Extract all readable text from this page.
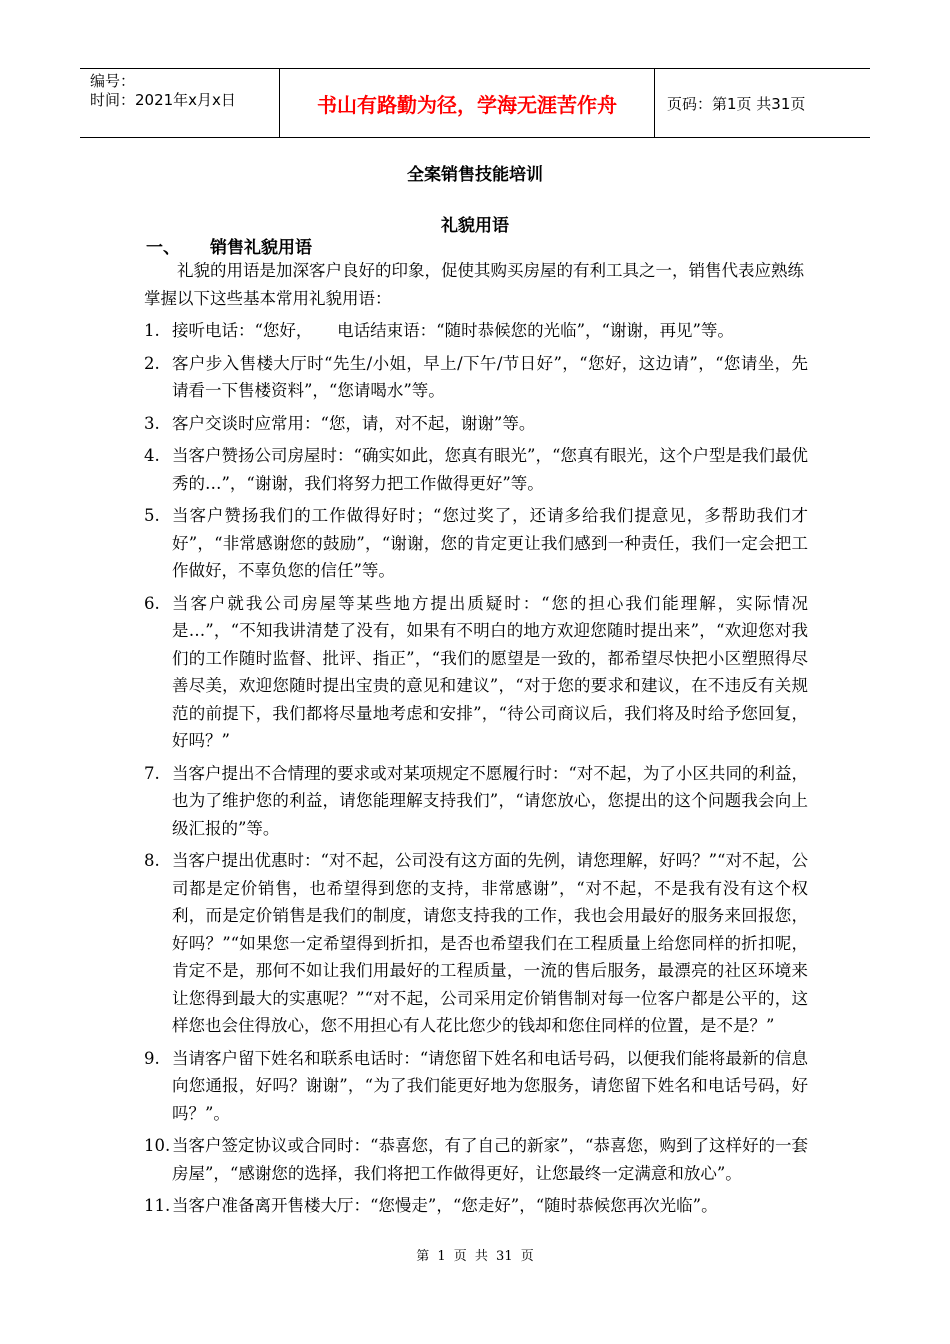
编号：
时间：2021年x月x日	书山有路勤为径，学海无涯苦作舟	页码：第1页 共31页
全案销售技能培训
礼貌用语
一、 销售礼貌用语

礼貌的用语是加深客户良好的印象，促使其购买房屋的有利工具之一，销售代表应熟练掌握以下这些基本常用礼貌用语：

1. 接听电话：“您好，　　电话结束语：“随时恭候您的光临”，“谢谢，再见”等。
2. 客户步入售楼大厅时“先生/小姐，早上/下午/节日好”，“您好，这边请”，“您请坐，先请看一下售楼资料”，“您请喝水”等。
3. 客户交谈时应常用：“您，请，对不起，谢谢”等。
4. 当客户赞扬公司房屋时：“确实如此，您真有眼光”，“您真有眼光，这个户型是我们最优秀的…”，“谢谢，我们将努力把工作做得更好”等。
5. 当客户赞扬我们的工作做得好时；“您过奖了，还请多给我们提意见，多帮助我们才好”，“非常感谢您的鼓励”，“谢谢，您的肯定更让我们感到一种责任，我们一定会把工作做好，不辜负您的信任”等。
6. 当客户就我公司房屋等某些地方提出质疑时：“您的担心我们能理解，实际情况是…”，“不知我讲清楚了没有，如果有不明白的地方欢迎您随时提出来”，“欢迎您对我们的工作随时监督、批评、指正”，“我们的愿望是一致的，都希望尽快把小区塑照得尽善尽美，欢迎您随时提出宝贵的意见和建议”，“对于您的要求和建议，在不违反有关规范的前提下，我们都将尽量地考虑和安排”，“待公司商议后，我们将及时给予您回复，好吗？”
7. 当客户提出不合情理的要求或对某项规定不愿履行时：“对不起，为了小区共同的利益，也为了维护您的利益，请您能理解支持我们”，“请您放心，您提出的这个问题我会向上级汇报的”等。
8. 当客户提出优惠时：“对不起，公司没有这方面的先例，请您理解，好吗？”“对不起，公司都是定价销售，也希望得到您的支持，非常感谢”，“对不起，不是我有没有这个权利，而是定价销售是我们的制度，请您支持我的工作，我也会用最好的服务来回报您，好吗？”“如果您一定希望得到折扣，是否也希望我们在工程质量上给您同样的折扣呢，肯定不是，那何不如让我们用最好的工程质量，一流的售后服务，最漂亮的社区环境来让您得到最大的实惠呢？”“对不起，公司采用定价销售制对每一位客户都是公平的，这样您也会住得放心，您不用担心有人花比您少的钱却和您住同样的位置，是不是？”
9. 当请客户留下姓名和联系电话时：“请您留下姓名和电话号码，以便我们能将最新的信息向您通报，好吗？谢谢”，“为了我们能更好地为您服务，请您留下姓名和电话号码，好吗？”。
10. 当客户签定协议或合同时：“恭喜您，有了自己的新家”，“恭喜您，购到了这样好的一套房屋”，“感谢您的选择，我们将把工作做得更好，让您最终一定满意和放心”。
11. 当客户准备离开售楼大厅：“您慢走”，“您走好”，“随时恭候您再次光临”。
第 1 页 共 31 页
